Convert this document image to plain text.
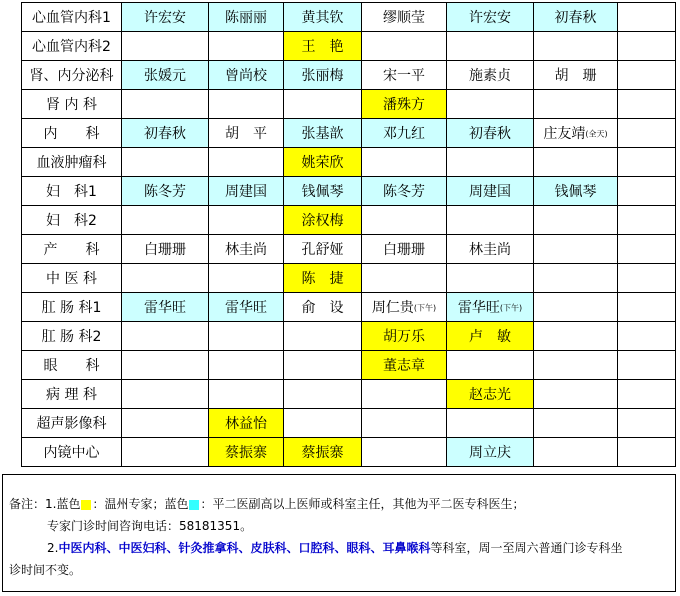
心血管内科1	许宏安	陈丽丽	黄其钦	缪顺莹	许宏安	初春秋	
心血管内科2			王　艳				
肾、内分泌科	张媛元	曾尚校	张丽梅	宋一平	施素贞	胡　珊	
肾 内 科				潘殊方			
内　　科	初春秋	胡　平	张基歆	邓九红	初春秋	庄友靖(全天)	
血液肿瘤科			姚荣欣				
妇　科1	陈冬芳	周建国	钱佩琴	陈冬芳	周建国	钱佩琴	
妇　科2			涂权梅				
产　　科	白珊珊	林圭尚	孔舒娅	白珊珊	林圭尚		
中 医 科			陈　捷				
肛 肠 科1	雷华旺	雷华旺	俞　设	周仁贵(下午)	雷华旺(下午)		
肛 肠 科2				胡万乐	卢　敏		
眼　　科				董志章			
病 理 科					赵志光		
超声影像科		林益怡					
内镜中心		蔡振寨	蔡振寨		周立庆		
备注：1.蓝色 ：温州专家；蓝色 ：平二医副高以上医师或科室主任，其他为平二医专科医生；
专家门诊时间咨询电话：58181351。
2.中医内科、中医妇科、针灸推拿科、皮肤科、口腔科、眼科、耳鼻喉科等科室，周一至周六普通门诊专科坐
诊时间不变。
